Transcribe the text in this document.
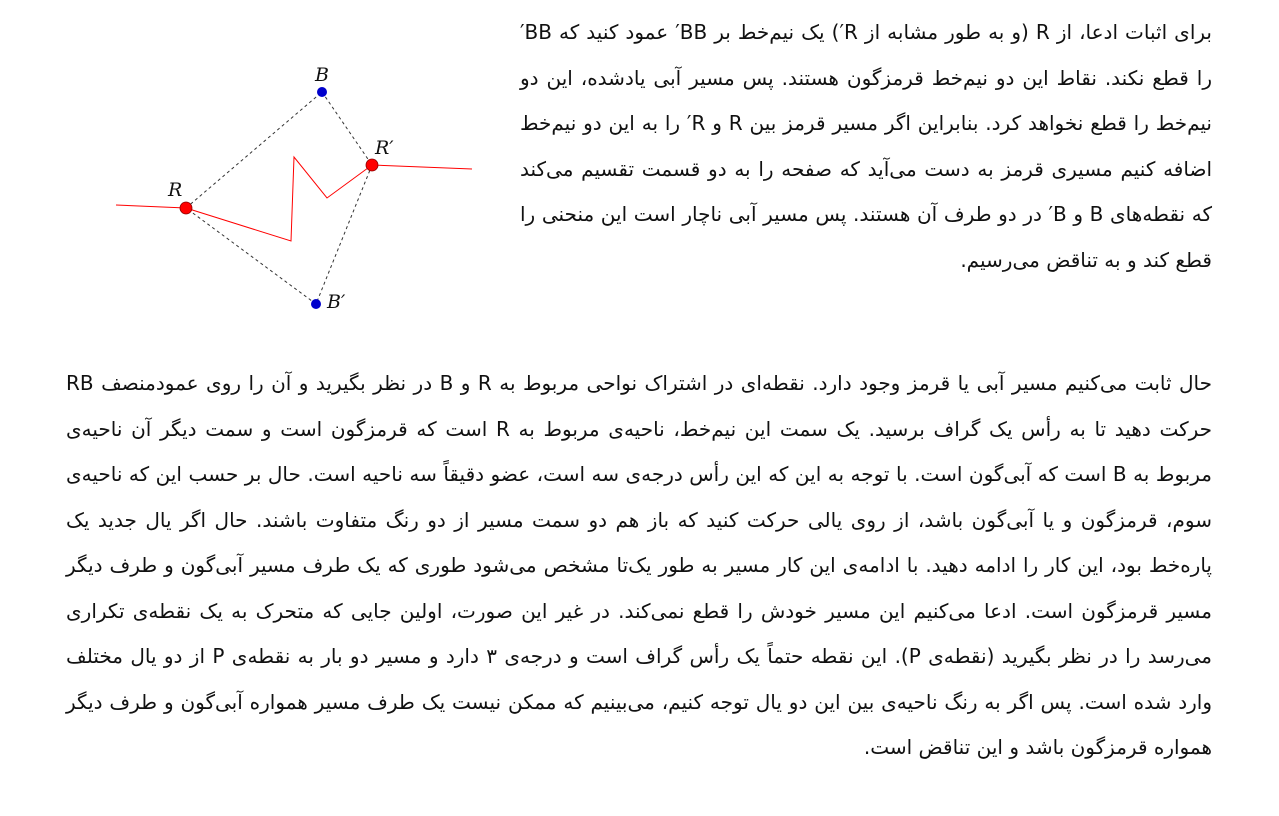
B
R
R′
B′

برای اثبات ادعا، از R (و به طور مشابه از R′) یک نیم‌خط بر BB′ عمود کنید که BB′ را قطع نکند. نقاط این دو نیم‌خط قرمزگون هستند. پس مسیر آبی یادشده، این دو نیم‌خط را قطع نخواهد کرد. بنابراین اگر مسیر قرمز بین R و R′ را به این دو نیم‌خط اضافه کنیم مسیری قرمز به دست می‌آید که صفحه را به دو قسمت تقسیم می‌کند که نقطه‌های B و B′ در دو طرف آن هستند. پس مسیر آبی ناچار است این منحنی را قطع کند و به تناقض می‌رسیم.

حال ثابت می‌کنیم مسیر آبی یا قرمز وجود دارد. نقطه‌ای در اشتراک نواحی مربوط به R و B در نظر بگیرید و آن را روی عمودمنصف RB حرکت دهید تا به رأس یک گراف برسید. یک سمت این نیم‌خط، ناحیه‌ی مربوط به R است که قرمزگون است و سمت دیگر آن ناحیه‌ی مربوط به B است که آبی‌گون است. با توجه به این که این رأس درجه‌ی سه است، عضو دقیقاً سه ناحیه است. حال بر حسب این که ناحیه‌ی سوم، قرمزگون و یا آبی‌گون باشد، از روی یالی حرکت کنید که باز هم دو سمت مسیر از دو رنگ متفاوت باشند. حال اگر یال جدید یک پاره‌خط بود، این کار را ادامه دهید. با ادامه‌ی این کار مسیر به طور یک‌تا مشخص می‌شود طوری که یک طرف مسیر آبی‌گون و طرف دیگر مسیر قرمزگون است. ادعا می‌کنیم این مسیر خودش را قطع نمی‌کند. در غیر این صورت، اولین جایی که متحرک به یک نقطه‌ی تکراری می‌رسد را در نظر بگیرید (نقطه‌ی P). این نقطه حتماً یک رأس گراف است و درجه‌ی ۳ دارد و مسیر دو بار به نقطه‌ی P از دو یال مختلف وارد شده است. پس اگر به رنگ ناحیه‌ی بین این دو یال توجه کنیم، می‌بینیم که ممکن نیست یک طرف مسیر همواره آبی‌گون و طرف دیگر همواره قرمزگون باشد و این تناقض است.
